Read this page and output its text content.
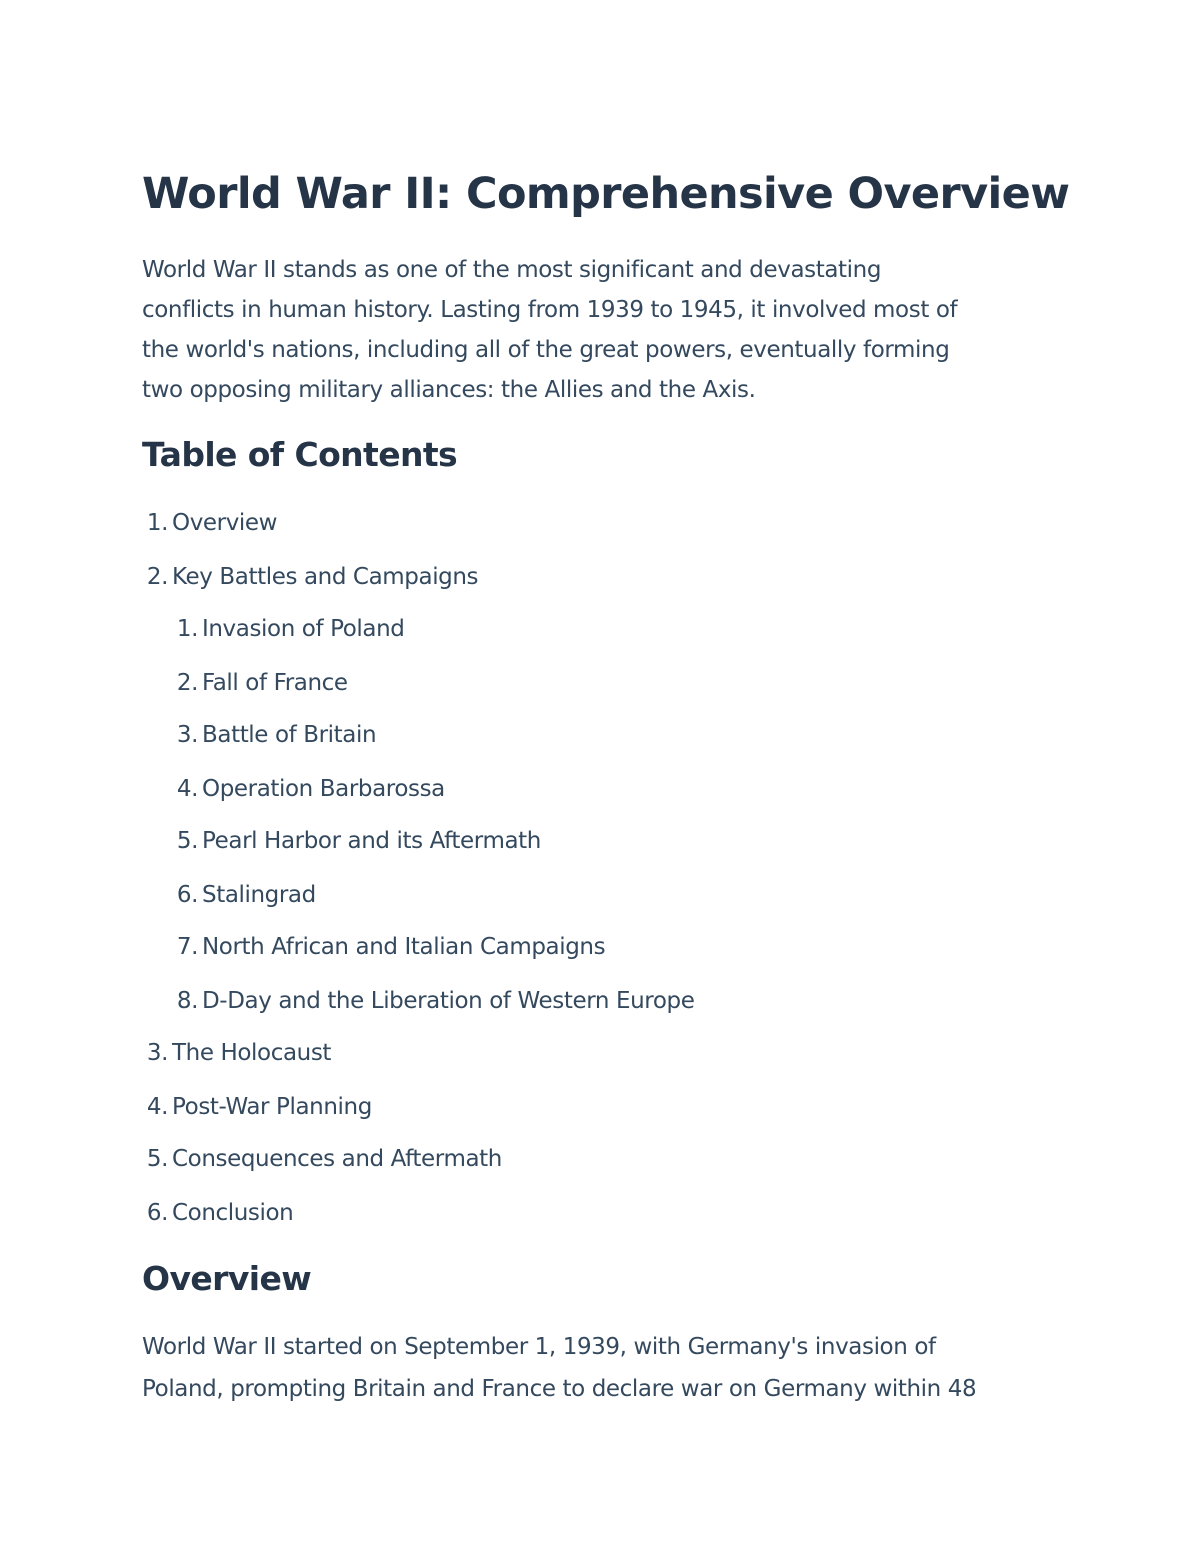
World War II: Comprehensive Overview

World War II stands as one of the most significant and devastating
conflicts in human history. Lasting from 1939 to 1945, it involved most of
the world's nations, including all of the great powers, eventually forming
two opposing military alliances: the Allies and the Axis.

Table of Contents
1. Overview
2. Key Battles and Campaigns
1. Invasion of Poland
2. Fall of France
3. Battle of Britain
4. Operation Barbarossa
5. Pearl Harbor and its Aftermath
6. Stalingrad
7. North African and Italian Campaigns
8. D-Day and the Liberation of Western Europe
3. The Holocaust
4. Post-War Planning
5. Consequences and Aftermath
6. Conclusion
Overview

World War II started on September 1, 1939, with Germany's invasion of
Poland, prompting Britain and France to declare war on Germany within 48
